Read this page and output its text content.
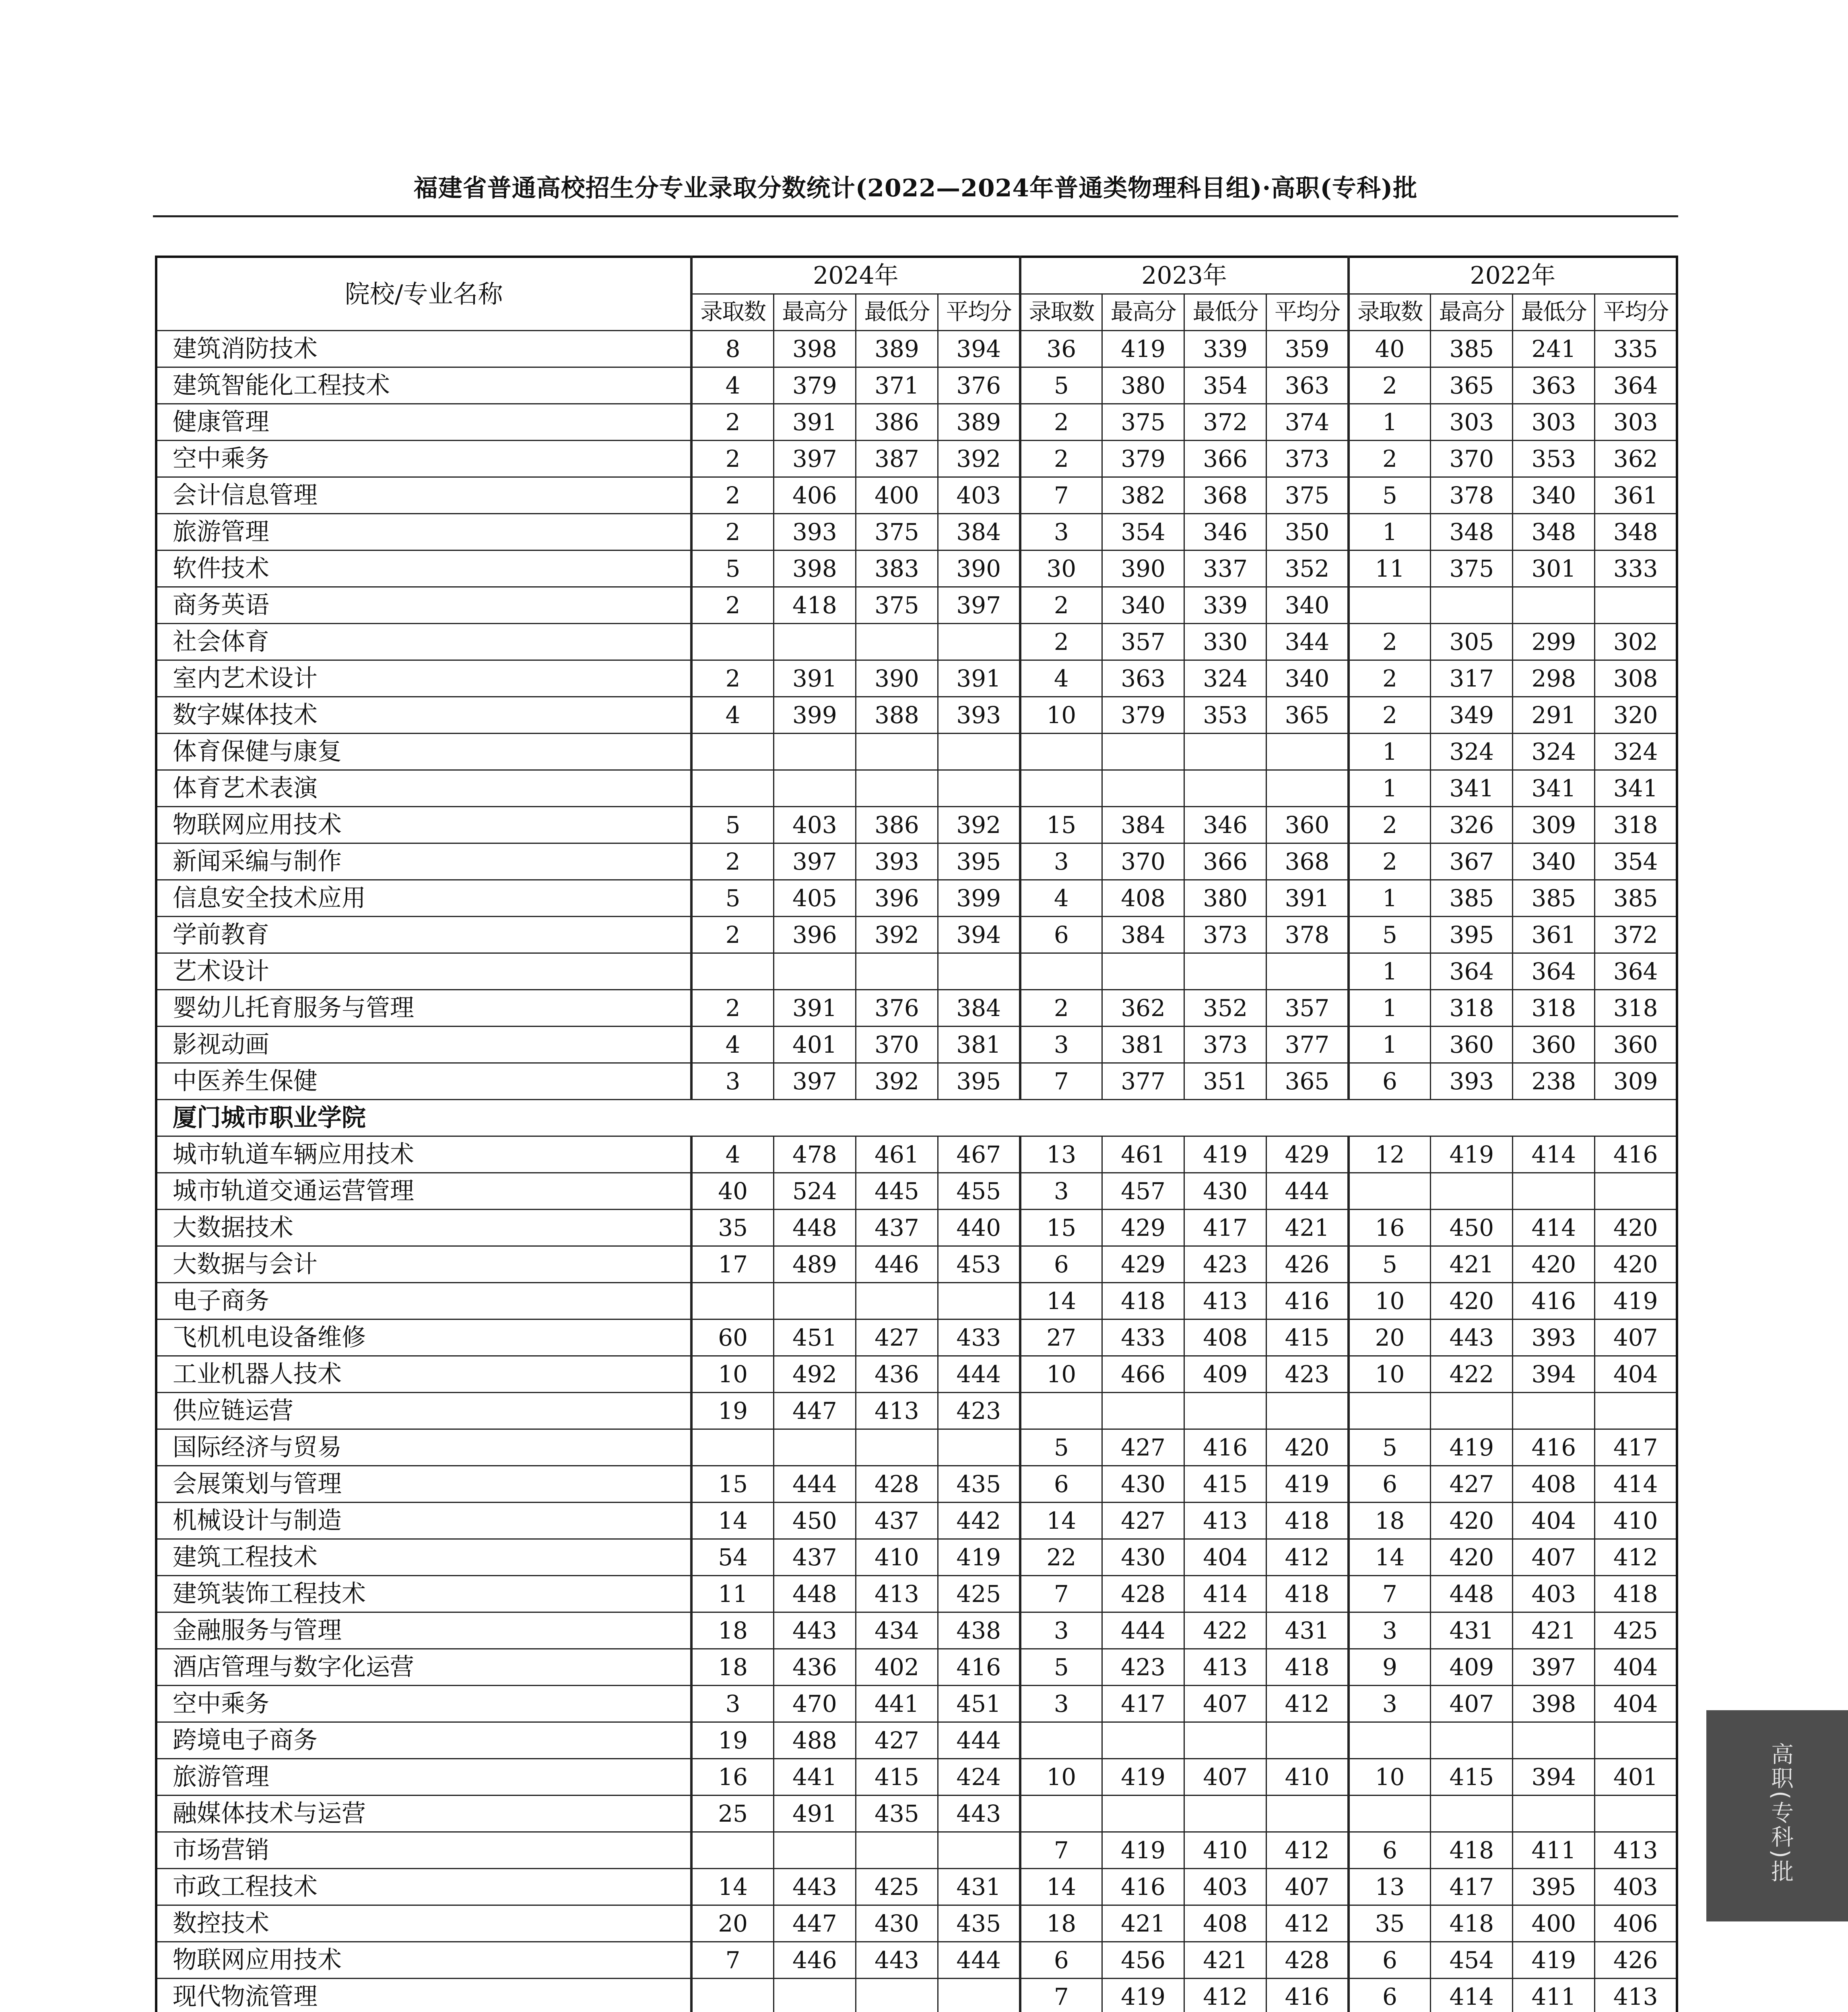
福建省普通高校招生分专业录取分数统计(2022—2024年普通类物理科目组)·高职(专科)批
院校/专业名称	2024年				2023年				2022年			
	录取数	最高分	最低分	平均分	录取数	最高分	最低分	平均分	录取数	最高分	最低分	平均分
建筑消防技术	8	398	389	394	36	419	339	359	40	385	241	335
建筑智能化工程技术	4	379	371	376	5	380	354	363	2	365	363	364
健康管理	2	391	386	389	2	375	372	374	1	303	303	303
空中乘务	2	397	387	392	2	379	366	373	2	370	353	362
会计信息管理	2	406	400	403	7	382	368	375	5	378	340	361
旅游管理	2	393	375	384	3	354	346	350	1	348	348	348
软件技术	5	398	383	390	30	390	337	352	11	375	301	333
商务英语	2	418	375	397	2	340	339	340				
社会体育					2	357	330	344	2	305	299	302
室内艺术设计	2	391	390	391	4	363	324	340	2	317	298	308
数字媒体技术	4	399	388	393	10	379	353	365	2	349	291	320
体育保健与康复									1	324	324	324
体育艺术表演									1	341	341	341
物联网应用技术	5	403	386	392	15	384	346	360	2	326	309	318
新闻采编与制作	2	397	393	395	3	370	366	368	2	367	340	354
信息安全技术应用	5	405	396	399	4	408	380	391	1	385	385	385
学前教育	2	396	392	394	6	384	373	378	5	395	361	372
艺术设计									1	364	364	364
婴幼儿托育服务与管理	2	391	376	384	2	362	352	357	1	318	318	318
影视动画	4	401	370	381	3	381	373	377	1	360	360	360
中医养生保健	3	397	392	395	7	377	351	365	6	393	238	309
厦门城市职业学院												
城市轨道车辆应用技术	4	478	461	467	13	461	419	429	12	419	414	416
城市轨道交通运营管理	40	524	445	455	3	457	430	444				
大数据技术	35	448	437	440	15	429	417	421	16	450	414	420
大数据与会计	17	489	446	453	6	429	423	426	5	421	420	420
电子商务					14	418	413	416	10	420	416	419
飞机机电设备维修	60	451	427	433	27	433	408	415	20	443	393	407
工业机器人技术	10	492	436	444	10	466	409	423	10	422	394	404
供应链运营	19	447	413	423								
国际经济与贸易					5	427	416	420	5	419	416	417
会展策划与管理	15	444	428	435	6	430	415	419	6	427	408	414
机械设计与制造	14	450	437	442	14	427	413	418	18	420	404	410
建筑工程技术	54	437	410	419	22	430	404	412	14	420	407	412
建筑装饰工程技术	11	448	413	425	7	428	414	418	7	448	403	418
金融服务与管理	18	443	434	438	3	444	422	431	3	431	421	425
酒店管理与数字化运营	18	436	402	416	5	423	413	418	9	409	397	404
空中乘务	3	470	441	451	3	417	407	412	3	407	398	404
跨境电子商务	19	488	427	444								
旅游管理	16	441	415	424	10	419	407	410	10	415	394	401
融媒体技术与运营	25	491	435	443								
市场营销					7	419	410	412	6	418	411	413
市政工程技术	14	443	425	431	14	416	403	407	13	417	395	403
数控技术	20	447	430	435	18	421	408	412	35	418	400	406
物联网应用技术	7	446	443	444	6	456	421	428	6	454	419	426
现代物流管理					7	419	412	416	6	414	411	413

高职(专科)批
